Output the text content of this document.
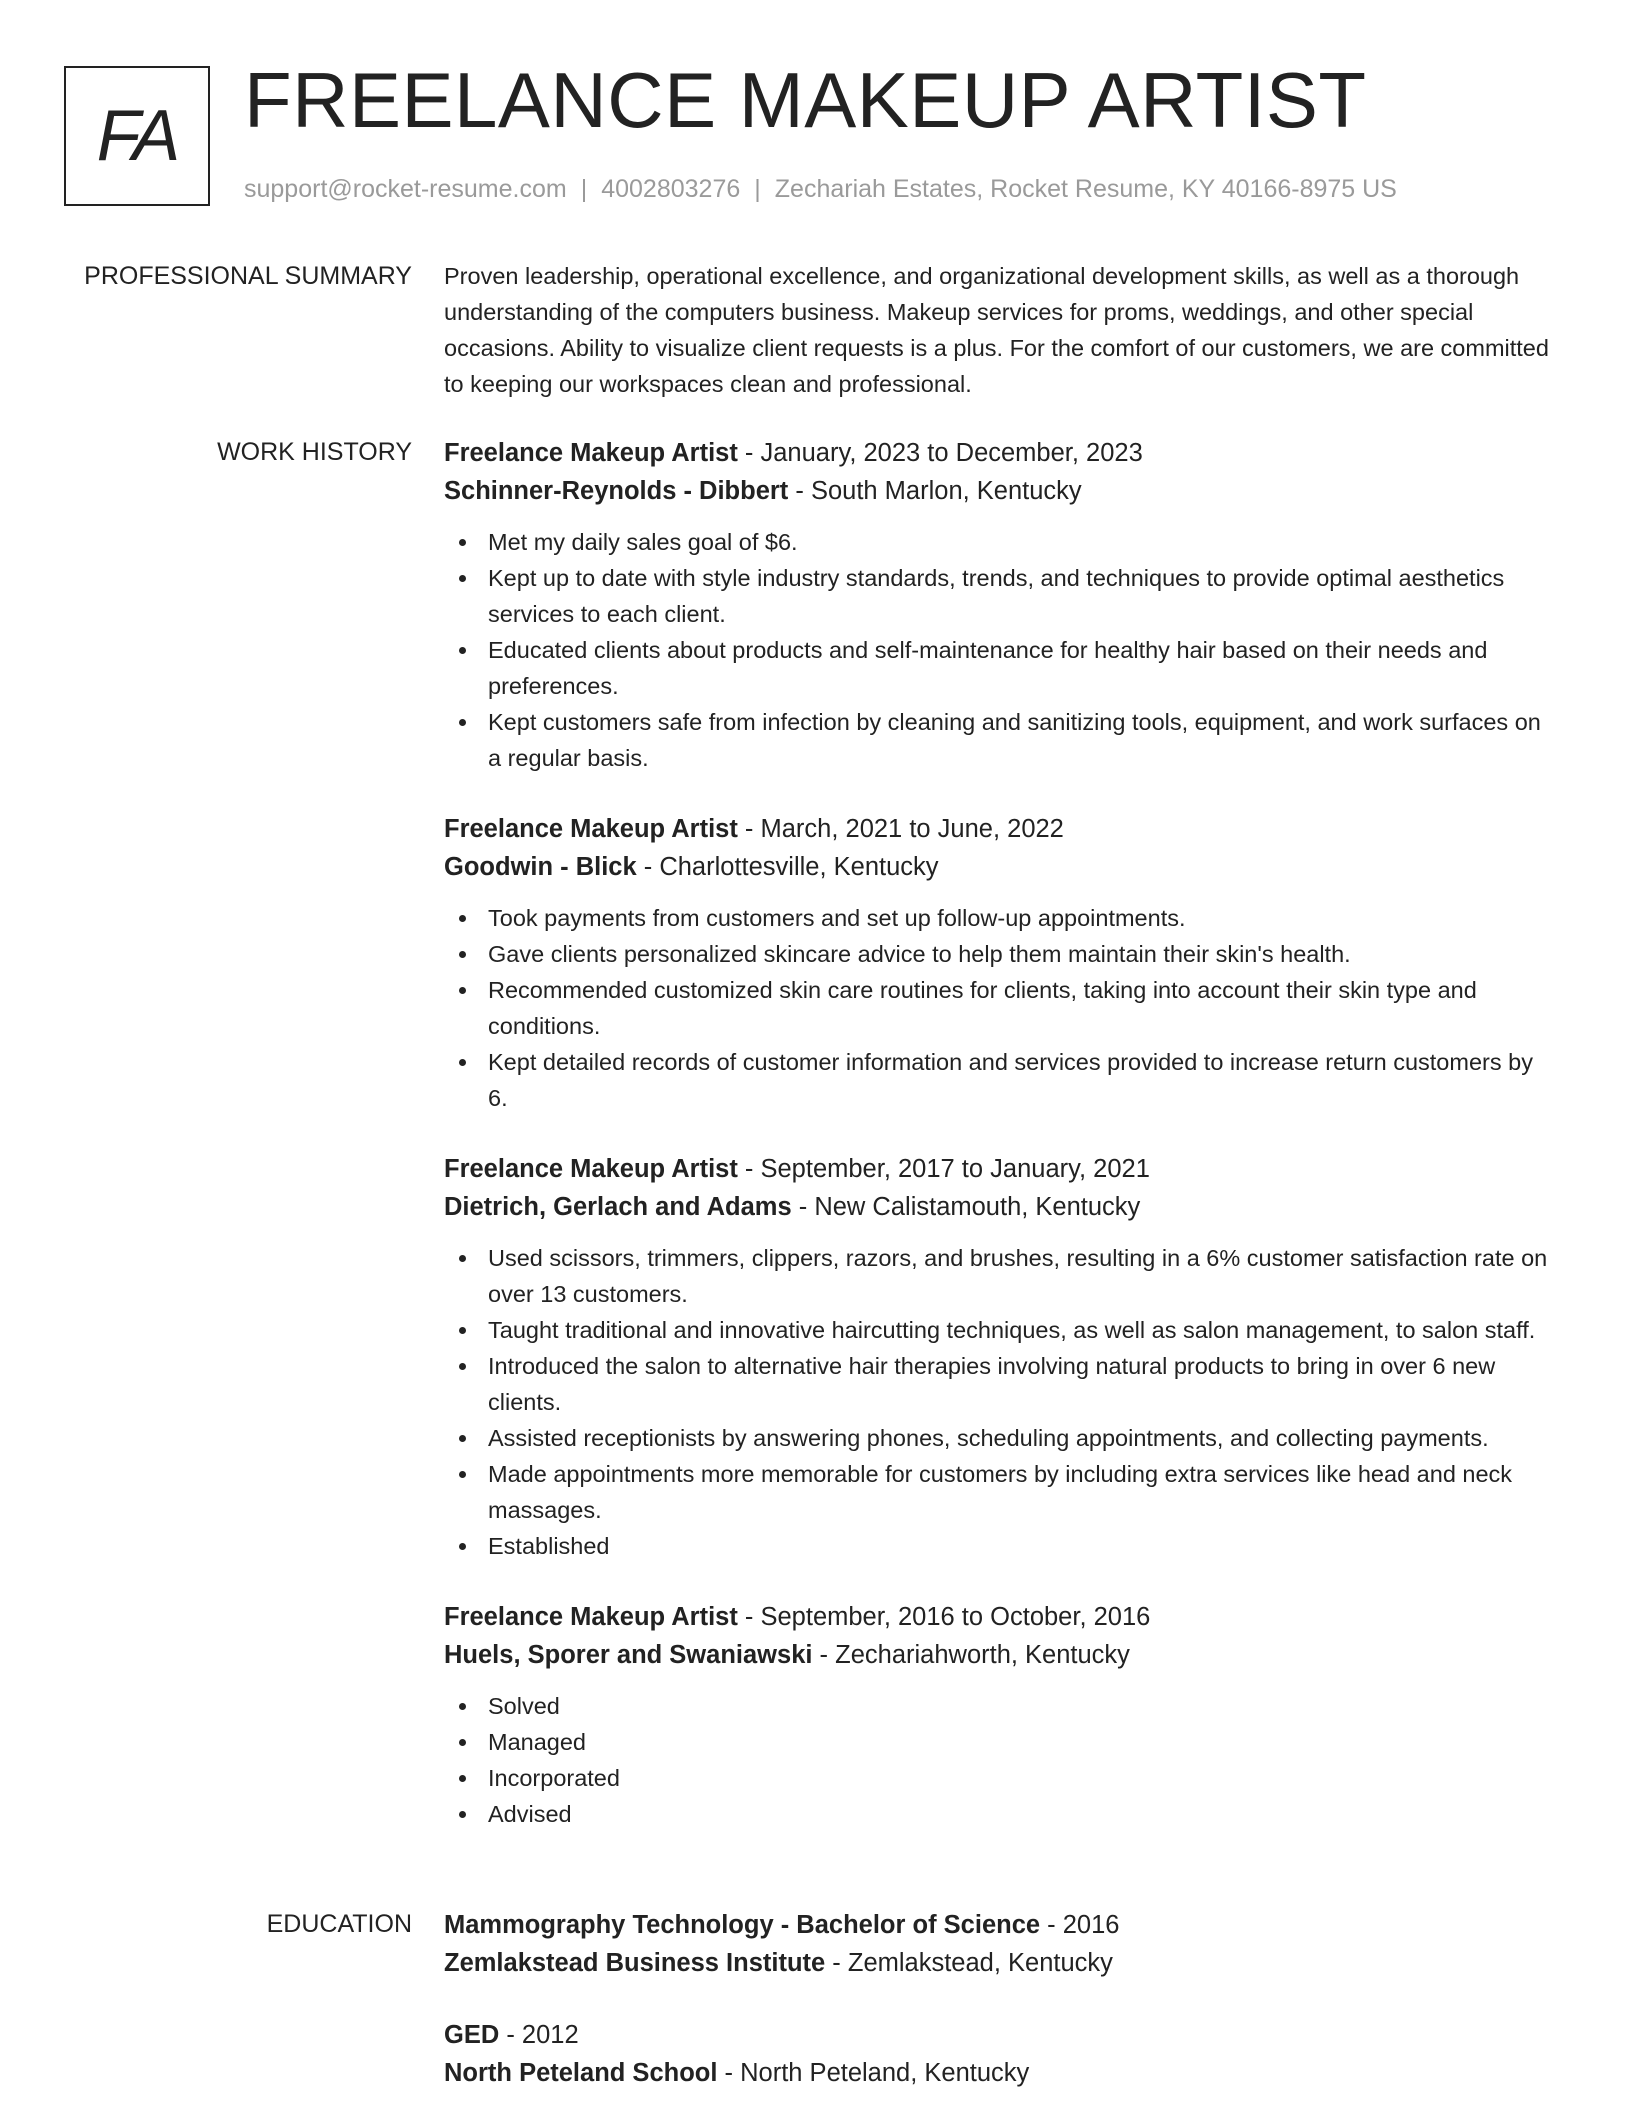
FA FREELANCE MAKEUP ARTIST
support@rocket-resume.com | 4002803276 | Zechariah Estates, Rocket Resume, KY 40166-8975 US
PROFESSIONAL SUMMARY Proven leadership, operational excellence, and organizational development skills, as well as a thorough understanding of the computers business. Makeup services for proms, weddings, and other special occasions. Ability to visualize client requests is a plus. For the comfort of our customers, we are committed to keeping our workspaces clean and professional.

WORK HISTORY Freelance Makeup Artist - January, 2023 to December, 2023
Schinner-Reynolds - Dibbert - South Marlon, Kentucky
Met my daily sales goal of $6.
Kept up to date with style industry standards, trends, and techniques to provide optimal aesthetics services to each client.
Educated clients about products and self-maintenance for healthy hair based on their needs and preferences.
Kept customers safe from infection by cleaning and sanitizing tools, equipment, and work surfaces on a regular basis.
Freelance Makeup Artist - March, 2021 to June, 2022
Goodwin - Blick - Charlottesville, Kentucky
Took payments from customers and set up follow-up appointments.
Gave clients personalized skincare advice to help them maintain their skin's health.
Recommended customized skin care routines for clients, taking into account their skin type and conditions.
Kept detailed records of customer information and services provided to increase return customers by 6.
Freelance Makeup Artist - September, 2017 to January, 2021
Dietrich, Gerlach and Adams - New Calistamouth, Kentucky
Used scissors, trimmers, clippers, razors, and brushes, resulting in a 6% customer satisfaction rate on over 13 customers.
Taught traditional and innovative haircutting techniques, as well as salon management, to salon staff.
Introduced the salon to alternative hair therapies involving natural products to bring in over 6 new clients.
Assisted receptionists by answering phones, scheduling appointments, and collecting payments.
Made appointments more memorable for customers by including extra services like head and neck massages.
Established
Freelance Makeup Artist - September, 2016 to October, 2016
Huels, Sporer and Swaniawski - Zechariahworth, Kentucky
Solved
Managed
Incorporated
Advised
EDUCATION Mammography Technology - Bachelor of Science - 2016
Zemlakstead Business Institute - Zemlakstead, Kentucky
GED - 2012
North Peteland School - North Peteland, Kentucky
